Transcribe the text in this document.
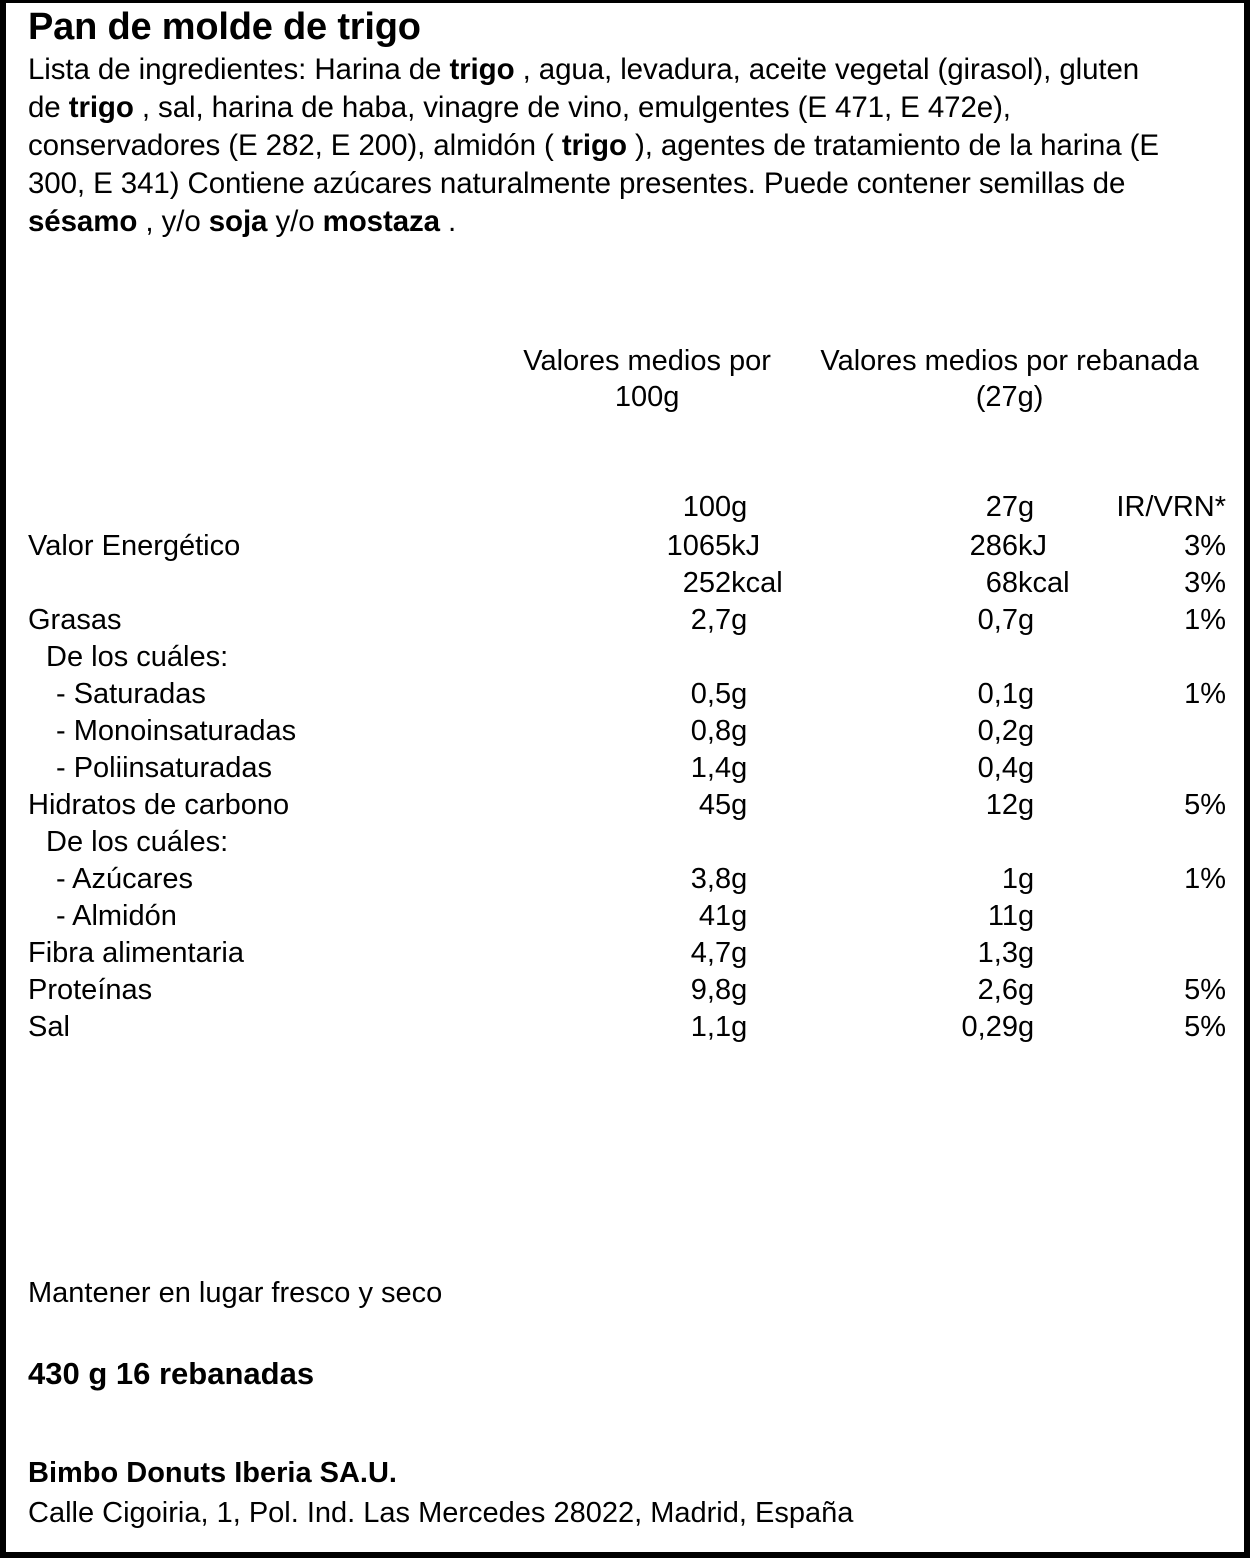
Pan de molde de trigo

Lista de ingredientes: Harina de trigo , agua, levadura, aceite vegetal (girasol), gluten de trigo , sal, harina de haba, vinagre de vino, emulgentes (E 471, E 472e), conservadores (E 282, E 200), almidón ( trigo ), agentes de tratamiento de la harina (E 300, E 341) Contiene azúcares naturalmente presentes. Puede contener semillas de sésamo , y/o soja y/o mostaza .

	Valores medios por 100g	Valores medios por rebanada (27g)	

	100g	27g	IR/VRN*
Valor Energético	1065kJ	286kJ	3%
	252kcal	68kcal	3%
Grasas	2,7g	0,7g	1%
De los cuáles:			
- Saturadas	0,5g	0,1g	1%
- Monoinsaturadas	0,8g	0,2g	
- Poliinsaturadas	1,4g	0,4g	
Hidratos de carbono	45g	12g	5%
De los cuáles:			
- Azúcares	3,8g	1g	1%
- Almidón	41g	11g	
Fibra alimentaria	4,7g	1,3g	
Proteínas	9,8g	2,6g	5%
Sal	1,1g	0,29g	5%
Mantener en lugar fresco y seco
430 g 16 rebanadas
Bimbo Donuts Iberia SA.U.
Calle Cigoiria, 1, Pol. Ind. Las Mercedes 28022, Madrid, España
